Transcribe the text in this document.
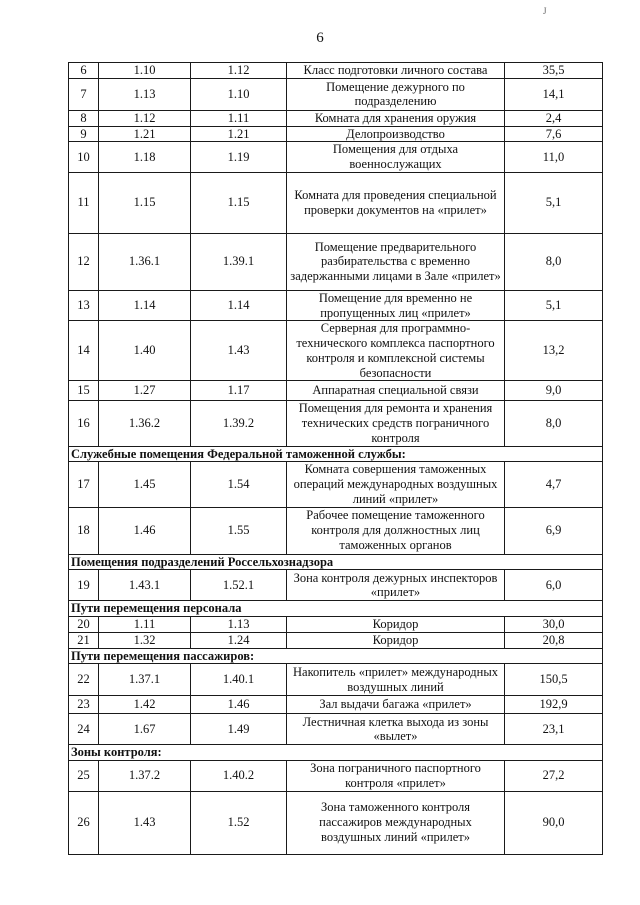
J
6
6	1.10	1.12	Класс подготовки личного состава	35,5
7	1.13	1.10	Помещение дежурного по подразделению	14,1
8	1.12	1.11	Комната для хранения оружия	2,4
9	1.21	1.21	Делопроизводство	7,6
10	1.18	1.19	Помещения для отдыха военнослужащих	11,0
11	1.15	1.15	Комната для проведения специальной проверки документов на «прилет»	5,1
12	1.36.1	1.39.1	Помещение предварительного разбирательства с временно задержанными лицами в Зале «прилет»	8,0
13	1.14	1.14	Помещение для временно не пропущенных лиц «прилет»	5,1
14	1.40	1.43	Серверная для программно-технического комплекса паспортного контроля и комплексной системы безопасности	13,2
15	1.27	1.17	Аппаратная специальной связи	9,0
16	1.36.2	1.39.2	Помещения для ремонта и хранения технических средств пограничного контроля	8,0
Служебные помещения Федеральной таможенной службы:				
17	1.45	1.54	Комната совершения таможенных операций международных воздушных линий «прилет»	4,7
18	1.46	1.55	Рабочее помещение таможенного контроля для должностных лиц таможенных органов	6,9
Помещения подразделений Россельхознадзора				
19	1.43.1	1.52.1	Зона контроля дежурных инспекторов «прилет»	6,0
Пути перемещения персонала				
20	1.11	1.13	Коридор	30,0
21	1.32	1.24	Коридор	20,8
Пути перемещения пассажиров:				
22	1.37.1	1.40.1	Накопитель «прилет» международных воздушных линий	150,5
23	1.42	1.46	Зал выдачи багажа «прилет»	192,9
24	1.67	1.49	Лестничная клетка выхода из зоны «вылет»	23,1
Зоны контроля:				
25	1.37.2	1.40.2	Зона пограничного паспортного контроля «прилет»	27,2
26	1.43	1.52	Зона таможенного контроля пассажиров международных воздушных линий «прилет»	90,0
